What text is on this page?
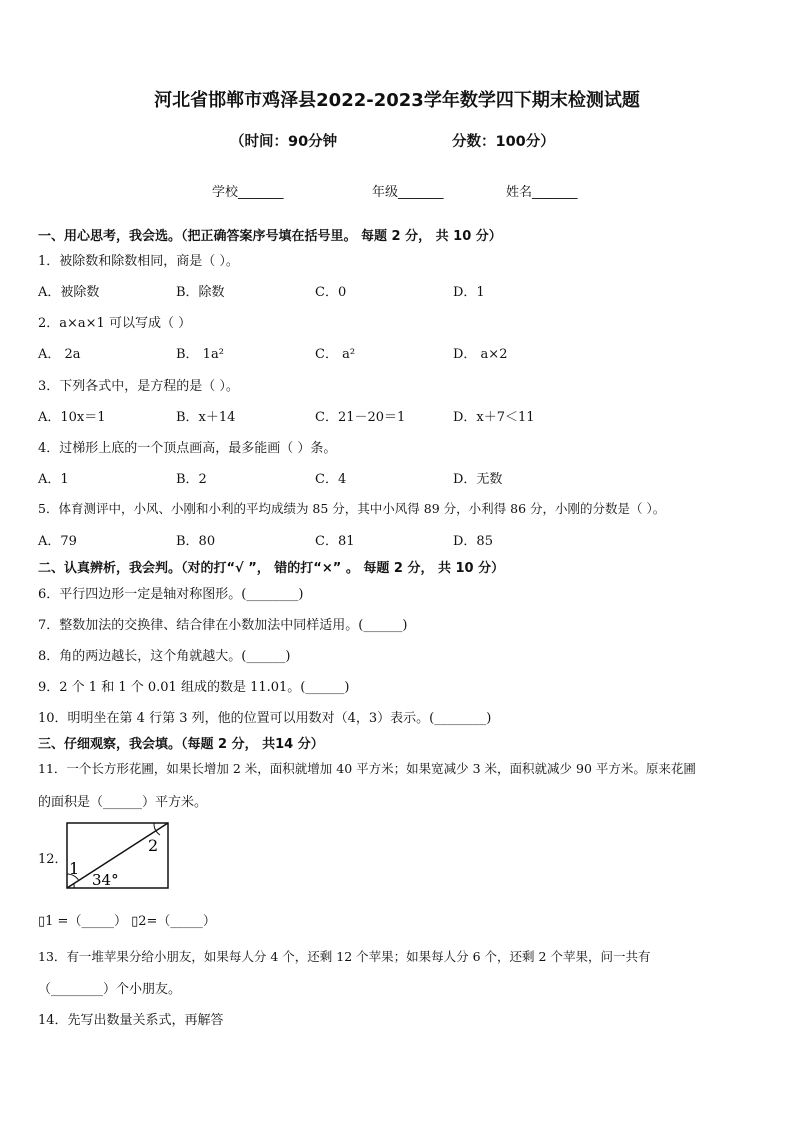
河北省邯郸市鸡泽县2022-2023学年数学四下期末检测试题
（时间：90分钟	分数：100分）
学校_______	年级_______	姓名_______
一、用心思考，我会选。（把正确答案序号填在括号里。 每题 2 分， 共 10 分）
1．被除数和除数相同，商是（ ）。
A．被除数	B．除数	C．0	D．1
2．a×a×1 可以写成（ ）
A． 2a	B． 1a²	C． a²	D． a×2
3．下列各式中，是方程的是（ ）。
A．10x＝1	B．x＋14	C．21－20＝1	D．x＋7＜11
4．过梯形上底的一个顶点画高，最多能画（ ）条。
A．1	B．2	C．4	D．无数
5．体育测评中，小风、小刚和小利的平均成绩为 85 分，其中小风得 89 分，小利得 86 分，小刚的分数是（ ）。
A．79	B．80	C．81	D．85
二、认真辨析，我会判。（对的打“√ ”， 错的打“×” 。 每题 2 分， 共 10 分）
6．平行四边形一定是轴对称图形。(________)
7．整数加法的交换律、结合律在小数加法中同样适用。(______)
8．角的两边越长，这个角就越大。(______)
9．2 个 1 和 1 个 0.01 组成的数是 11.01。(______)
10．明明坐在第 4 行第 3 列，他的位置可以用数对（4，3）表示。(________)
三、仔细观察，我会填。（每题 2 分， 共14 分）
11．一个长方形花圃，如果长增加 2 米，面积就增加 40 平方米；如果宽减少 3 米，面积就减少 90 平方米。原来花圃
的面积是（______）平方米。
12． 1
2
34°
▯1 =（_____） ▯2=（_____）
13．有一堆苹果分给小朋友，如果每人分 4 个，还剩 12 个苹果；如果每人分 6 个，还剩 2 个苹果，问一共有
（________）个小朋友。
14．先写出数量关系式，再解答
